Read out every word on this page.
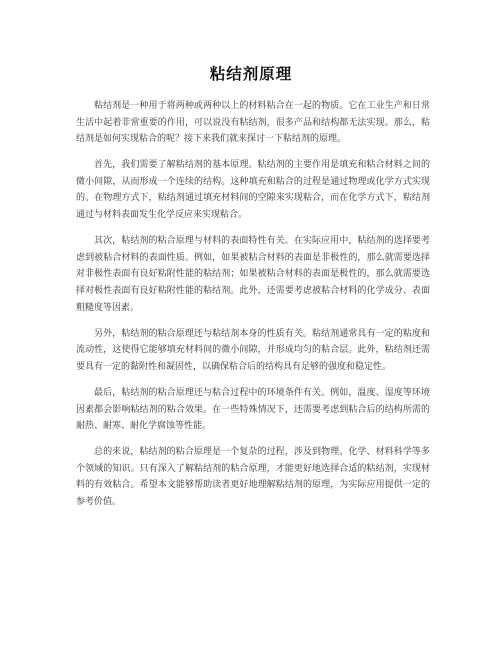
粘结剂原理

粘结剂是一种用于将两种或两种以上的材料粘合在一起的物质。它在工业生产和日常生活中起着非常重要的作用，可以说没有粘结剂，很多产品和结构都无法实现。那么，粘结剂是如何实现粘合的呢？接下来我们就来探讨一下粘结剂的原理。

首先，我们需要了解粘结剂的基本原理。粘结剂的主要作用是填充和粘合材料之间的微小间隙，从而形成一个连续的结构。这种填充和粘合的过程是通过物理或化学方式实现的。在物理方式下，粘结剂通过填充材料间的空隙来实现粘合，而在化学方式下，粘结剂通过与材料表面发生化学反应来实现粘合。

其次，粘结剂的粘合原理与材料的表面特性有关。在实际应用中，粘结剂的选择要考虑到被粘合材料的表面性质。例如，如果被粘合材料的表面是非极性的，那么就需要选择对非极性表面有良好粘附性能的粘结剂；如果被粘合材料的表面是极性的，那么就需要选择对极性表面有良好粘附性能的粘结剂。此外，还需要考虑被粘合材料的化学成分、表面粗糙度等因素。

另外，粘结剂的粘合原理还与粘结剂本身的性质有关。粘结剂通常具有一定的粘度和流动性，这使得它能够填充材料间的微小间隙，并形成均匀的粘合层。此外，粘结剂还需要具有一定的黏附性和凝固性，以确保粘合后的结构具有足够的强度和稳定性。

最后，粘结剂的粘合原理还与粘合过程中的环境条件有关。例如，温度、湿度等环境因素都会影响粘结剂的粘合效果。在一些特殊情况下，还需要考虑到粘合后的结构所需的耐热、耐寒、耐化学腐蚀等性能。

总的来说，粘结剂的粘合原理是一个复杂的过程，涉及到物理、化学、材料科学等多个领域的知识。只有深入了解粘结剂的粘合原理，才能更好地选择合适的粘结剂，实现材料的有效粘合。希望本文能够帮助读者更好地理解粘结剂的原理，为实际应用提供一定的参考价值。
